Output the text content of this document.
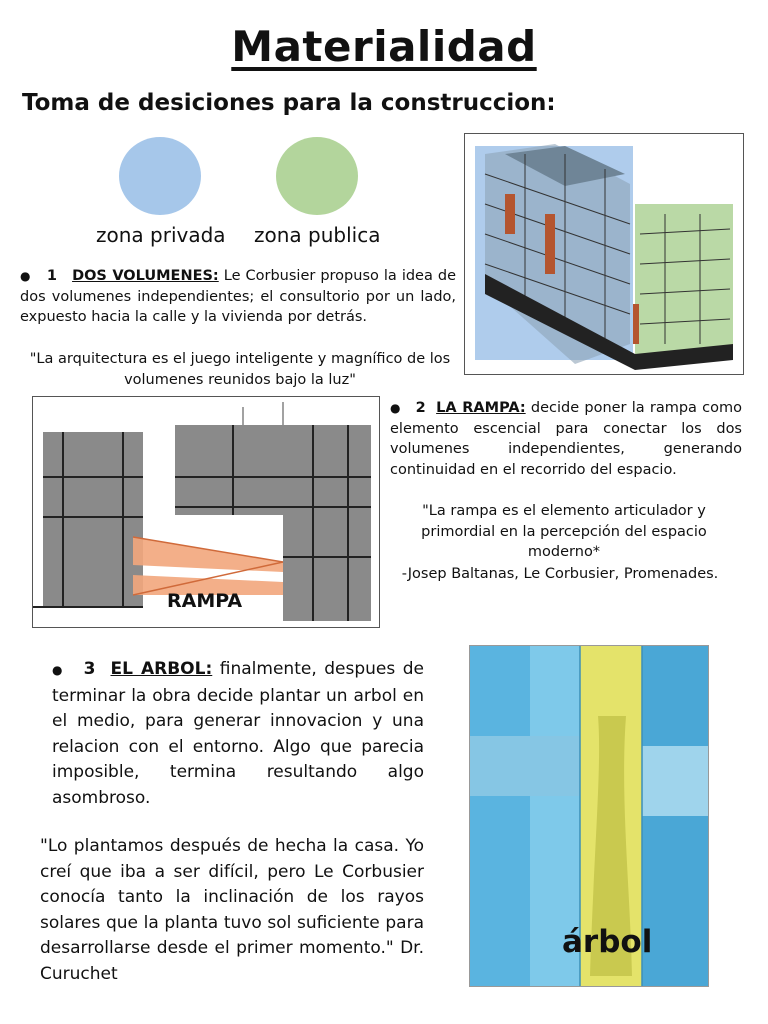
Materialidad
Toma de desiciones para la construccion:
zona privada zona publica
● 1 DOS VOLUMENES: Le Corbusier propuso la idea de dos volumenes independientes; el consultorio por un lado, expuesto hacia la calle y la vivienda por detrás.
"La arquitectura es el juego inteligente y magnífico de los volumenes reunidos bajo la luz"
RAMPA
● 2 LA RAMPA: decide poner la rampa como elemento escencial para conectar los dos volumenes independientes, generando continuidad en el recorrido del espacio.
"La rampa es el elemento articulador y primordial en la percepción del espacio moderno*
-Josep Baltanas, Le Corbusier, Promenades.
● 3 EL ARBOL: finalmente, despues de terminar la obra decide plantar un arbol en el medio, para generar innovacion y una relacion con el entorno. Algo que parecia imposible, termina resultando algo asombroso.
"Lo plantamos después de hecha la casa. Yo creí que iba a ser difícil, pero Le Corbusier conocía tanto la inclinación de los rayos solares que la planta tuvo sol suficiente para desarrollarse desde el primer momento." Dr. Curuchet
árbol
